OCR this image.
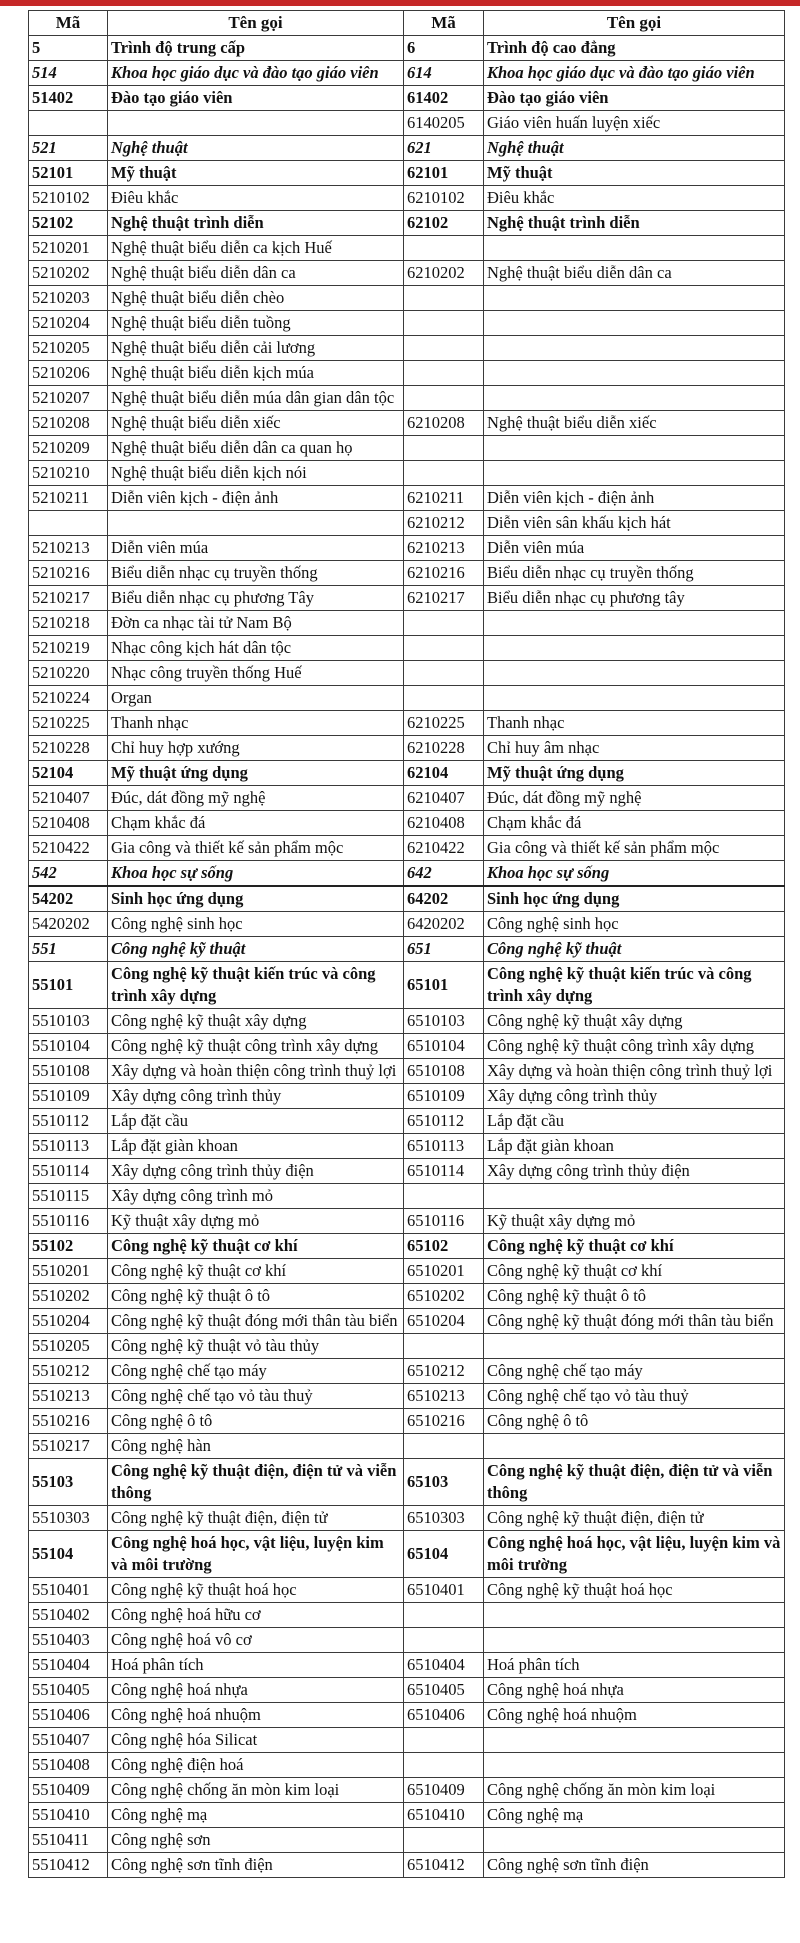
Mã	Tên gọi	Mã	Tên gọi
5	Trình độ trung cấp	6	Trình độ cao đẳng
514	Khoa học giáo dục và đào tạo giáo viên	614	Khoa học giáo dục và đào tạo giáo viên
51402	Đào tạo giáo viên	61402	Đào tạo giáo viên
		6140205	Giáo viên huấn luyện xiếc
521	Nghệ thuật	621	Nghệ thuật
52101	Mỹ thuật	62101	Mỹ thuật
5210102	Điêu khắc	6210102	Điêu khắc
52102	Nghệ thuật trình diễn	62102	Nghệ thuật trình diễn
5210201	Nghệ thuật biểu diễn ca kịch Huế		
5210202	Nghệ thuật biểu diễn dân ca	6210202	Nghệ thuật biểu diễn dân ca
5210203	Nghệ thuật biểu diễn chèo		
5210204	Nghệ thuật biểu diễn tuồng		
5210205	Nghệ thuật biểu diễn cải lương		
5210206	Nghệ thuật biểu diễn kịch múa		
5210207	Nghệ thuật biểu diễn múa dân gian dân tộc		
5210208	Nghệ thuật biểu diễn xiếc	6210208	Nghệ thuật biểu diễn xiếc
5210209	Nghệ thuật biểu diễn dân ca quan họ		
5210210	Nghệ thuật biểu diễn kịch nói		
5210211	Diễn viên kịch - điện ảnh	6210211	Diễn viên kịch - điện ảnh
		6210212	Diễn viên sân khấu kịch hát
5210213	Diễn viên múa	6210213	Diễn viên múa
5210216	Biểu diễn nhạc cụ truyền thống	6210216	Biểu diễn nhạc cụ truyền thống
5210217	Biểu diễn nhạc cụ phương Tây	6210217	Biểu diễn nhạc cụ phương tây
5210218	Đờn ca nhạc tài tử Nam Bộ		
5210219	Nhạc công kịch hát dân tộc		
5210220	Nhạc công truyền thống Huế		
5210224	Organ		
5210225	Thanh nhạc	6210225	Thanh nhạc
5210228	Chỉ huy hợp xướng	6210228	Chỉ huy âm nhạc
52104	Mỹ thuật ứng dụng	62104	Mỹ thuật ứng dụng
5210407	Đúc, dát đồng mỹ nghệ	6210407	Đúc, dát đồng mỹ nghệ
5210408	Chạm khắc đá	6210408	Chạm khắc đá
5210422	Gia công và thiết kế sản phẩm mộc	6210422	Gia công và thiết kế sản phẩm mộc
542	Khoa học sự sống	642	Khoa học sự sống
54202	Sinh học ứng dụng	64202	Sinh học ứng dụng
5420202	Công nghệ sinh học	6420202	Công nghệ sinh học
551	Công nghệ kỹ thuật	651	Công nghệ kỹ thuật
55101	Công nghệ kỹ thuật kiến trúc và công trình xây dựng	65101	Công nghệ kỹ thuật kiến trúc và công trình xây dựng
5510103	Công nghệ kỹ thuật xây dựng	6510103	Công nghệ kỹ thuật xây dựng
5510104	Công nghệ kỹ thuật công trình xây dựng	6510104	Công nghệ kỹ thuật công trình xây dựng
5510108	Xây dựng và hoàn thiện công trình thuỷ lợi	6510108	Xây dựng và hoàn thiện công trình thuỷ lợi
5510109	Xây dựng công trình thủy	6510109	Xây dựng công trình thủy
5510112	Lắp đặt cầu	6510112	Lắp đặt cầu
5510113	Lắp đặt giàn khoan	6510113	Lắp đặt giàn khoan
5510114	Xây dựng công trình thủy điện	6510114	Xây dựng công trình thủy điện
5510115	Xây dựng công trình mỏ		
5510116	Kỹ thuật xây dựng mỏ	6510116	Kỹ thuật xây dựng mỏ
55102	Công nghệ kỹ thuật cơ khí	65102	Công nghệ kỹ thuật cơ khí
5510201	Công nghệ kỹ thuật cơ khí	6510201	Công nghệ kỹ thuật cơ khí
5510202	Công nghệ kỹ thuật ô tô	6510202	Công nghệ kỹ thuật ô tô
5510204	Công nghệ kỹ thuật đóng mới thân tàu biển	6510204	Công nghệ kỹ thuật đóng mới thân tàu biển
5510205	Công nghệ kỹ thuật vỏ tàu thủy		
5510212	Công nghệ chế tạo máy	6510212	Công nghệ chế tạo máy
5510213	Công nghệ chế tạo vỏ tàu thuỷ	6510213	Công nghệ chế tạo vỏ tàu thuỷ
5510216	Công nghệ ô tô	6510216	Công nghệ ô tô
5510217	Công nghệ hàn		
55103	Công nghệ kỹ thuật điện, điện tử và viễn thông	65103	Công nghệ kỹ thuật điện, điện tử và viễn thông
5510303	Công nghệ kỹ thuật điện, điện tử	6510303	Công nghệ kỹ thuật điện, điện tử
55104	Công nghệ hoá học, vật liệu, luyện kim và môi trường	65104	Công nghệ hoá học, vật liệu, luyện kim và môi trường
5510401	Công nghệ kỹ thuật hoá học	6510401	Công nghệ kỹ thuật hoá học
5510402	Công nghệ hoá hữu cơ		
5510403	Công nghệ hoá vô cơ		
5510404	Hoá phân tích	6510404	Hoá phân tích
5510405	Công nghệ hoá nhựa	6510405	Công nghệ hoá nhựa
5510406	Công nghệ hoá nhuộm	6510406	Công nghệ hoá nhuộm
5510407	Công nghệ hóa Silicat		
5510408	Công nghệ điện hoá		
5510409	Công nghệ chống ăn mòn kim loại	6510409	Công nghệ chống ăn mòn kim loại
5510410	Công nghệ mạ	6510410	Công nghệ mạ
5510411	Công nghệ sơn		
5510412	Công nghệ sơn tĩnh điện	6510412	Công nghệ sơn tĩnh điện
